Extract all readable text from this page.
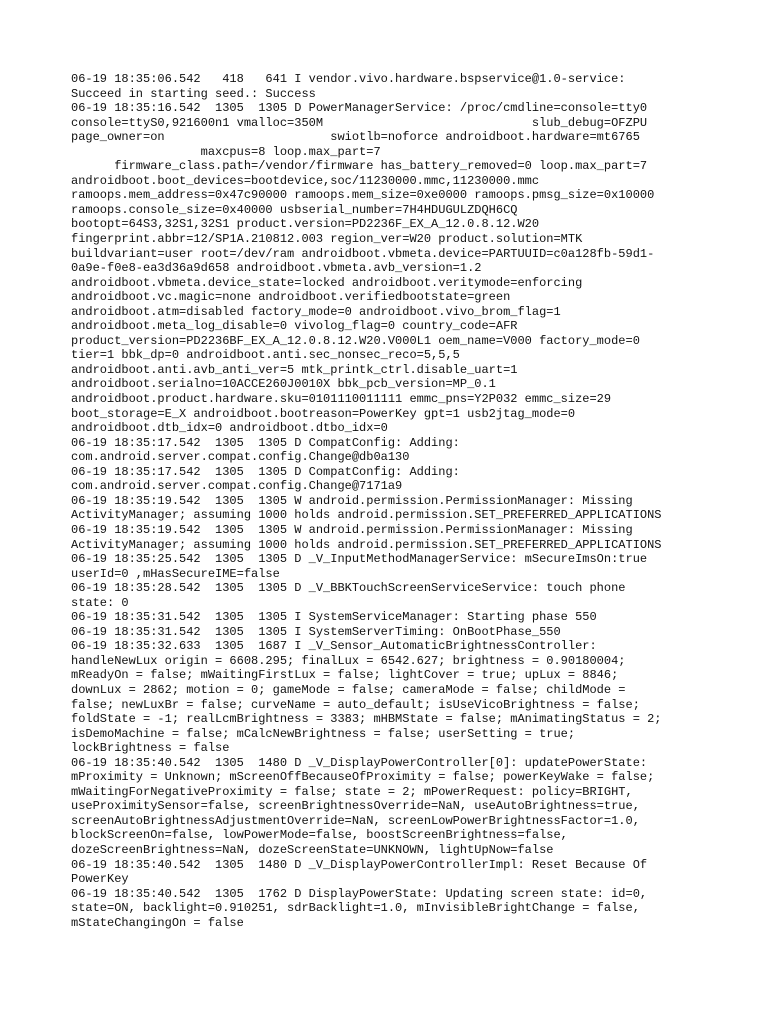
06-19 18:35:06.542   418   641 I vendor.vivo.hardware.bspservice@1.0-service:
Succeed in starting seed.: Success
06-19 18:35:16.542  1305  1305 D PowerManagerService: /proc/cmdline=console=tty0
console=ttyS0,921600n1 vmalloc=350M                             slub_debug=OFZPU
page_owner=on                       swiotlb=noforce androidboot.hardware=mt6765
maxcpus=8 loop.max_part=7
firmware_class.path=/vendor/firmware has_battery_removed=0 loop.max_part=7
androidboot.boot_devices=bootdevice,soc/11230000.mmc,11230000.mmc
ramoops.mem_address=0x47c90000 ramoops.mem_size=0xe0000 ramoops.pmsg_size=0x10000
ramoops.console_size=0x40000 usbserial_number=7H4HDUGULZDQH6CQ
bootopt=64S3,32S1,32S1 product.version=PD2236F_EX_A_12.0.8.12.W20
fingerprint.abbr=12/SP1A.210812.003 region_ver=W20 product.solution=MTK
buildvariant=user root=/dev/ram androidboot.vbmeta.device=PARTUUID=c0a128fb-59d1-
0a9e-f0e8-ea3d36a9d658 androidboot.vbmeta.avb_version=1.2
androidboot.vbmeta.device_state=locked androidboot.veritymode=enforcing
androidboot.vc.magic=none androidboot.verifiedbootstate=green
androidboot.atm=disabled factory_mode=0 androidboot.vivo_brom_flag=1
androidboot.meta_log_disable=0 vivolog_flag=0 country_code=AFR
product_version=PD2236BF_EX_A_12.0.8.12.W20.V000L1 oem_name=V000 factory_mode=0
tier=1 bbk_dp=0 androidboot.anti.sec_nonsec_reco=5,5,5
androidboot.anti.avb_anti_ver=5 mtk_printk_ctrl.disable_uart=1
androidboot.serialno=10ACCE260J0010X bbk_pcb_version=MP_0.1
androidboot.product.hardware.sku=0101110011111 emmc_pns=Y2P032 emmc_size=29
boot_storage=E_X androidboot.bootreason=PowerKey gpt=1 usb2jtag_mode=0
androidboot.dtb_idx=0 androidboot.dtbo_idx=0
06-19 18:35:17.542  1305  1305 D CompatConfig: Adding:
com.android.server.compat.config.Change@db0a130
06-19 18:35:17.542  1305  1305 D CompatConfig: Adding:
com.android.server.compat.config.Change@7171a9
06-19 18:35:19.542  1305  1305 W android.permission.PermissionManager: Missing
ActivityManager; assuming 1000 holds android.permission.SET_PREFERRED_APPLICATIONS
06-19 18:35:19.542  1305  1305 W android.permission.PermissionManager: Missing
ActivityManager; assuming 1000 holds android.permission.SET_PREFERRED_APPLICATIONS
06-19 18:35:25.542  1305  1305 D _V_InputMethodManagerService: mSecureImsOn:true
userId=0 ,mHasSecureIME=false
06-19 18:35:28.542  1305  1305 D _V_BBKTouchScreenServiceService: touch phone
state: 0
06-19 18:35:31.542  1305  1305 I SystemServiceManager: Starting phase 550
06-19 18:35:31.542  1305  1305 I SystemServerTiming: OnBootPhase_550
06-19 18:35:32.633  1305  1687 I _V_Sensor_AutomaticBrightnessController:
handleNewLux origin = 6608.295; finalLux = 6542.627; brightness = 0.90180004;
mReadyOn = false; mWaitingFirstLux = false; lightCover = true; upLux = 8846;
downLux = 2862; motion = 0; gameMode = false; cameraMode = false; childMode =
false; newLuxBr = false; curveName = auto_default; isUseVicoBrightness = false;
foldState = -1; realLcmBrightness = 3383; mHBMState = false; mAnimatingStatus = 2;
isDemoMachine = false; mCalcNewBrightness = false; userSetting = true;
lockBrightness = false
06-19 18:35:40.542  1305  1480 D _V_DisplayPowerController[0]: updatePowerState:
mProximity = Unknown; mScreenOffBecauseOfProximity = false; powerKeyWake = false;
mWaitingForNegativeProximity = false; state = 2; mPowerRequest: policy=BRIGHT,
useProximitySensor=false, screenBrightnessOverride=NaN, useAutoBrightness=true,
screenAutoBrightnessAdjustmentOverride=NaN, screenLowPowerBrightnessFactor=1.0,
blockScreenOn=false, lowPowerMode=false, boostScreenBrightness=false,
dozeScreenBrightness=NaN, dozeScreenState=UNKNOWN, lightUpNow=false
06-19 18:35:40.542  1305  1480 D _V_DisplayPowerControllerImpl: Reset Because Of
PowerKey
06-19 18:35:40.542  1305  1762 D DisplayPowerState: Updating screen state: id=0,
state=ON, backlight=0.910251, sdrBacklight=1.0, mInvisibleBrightChange = false,
mStateChangingOn = false
